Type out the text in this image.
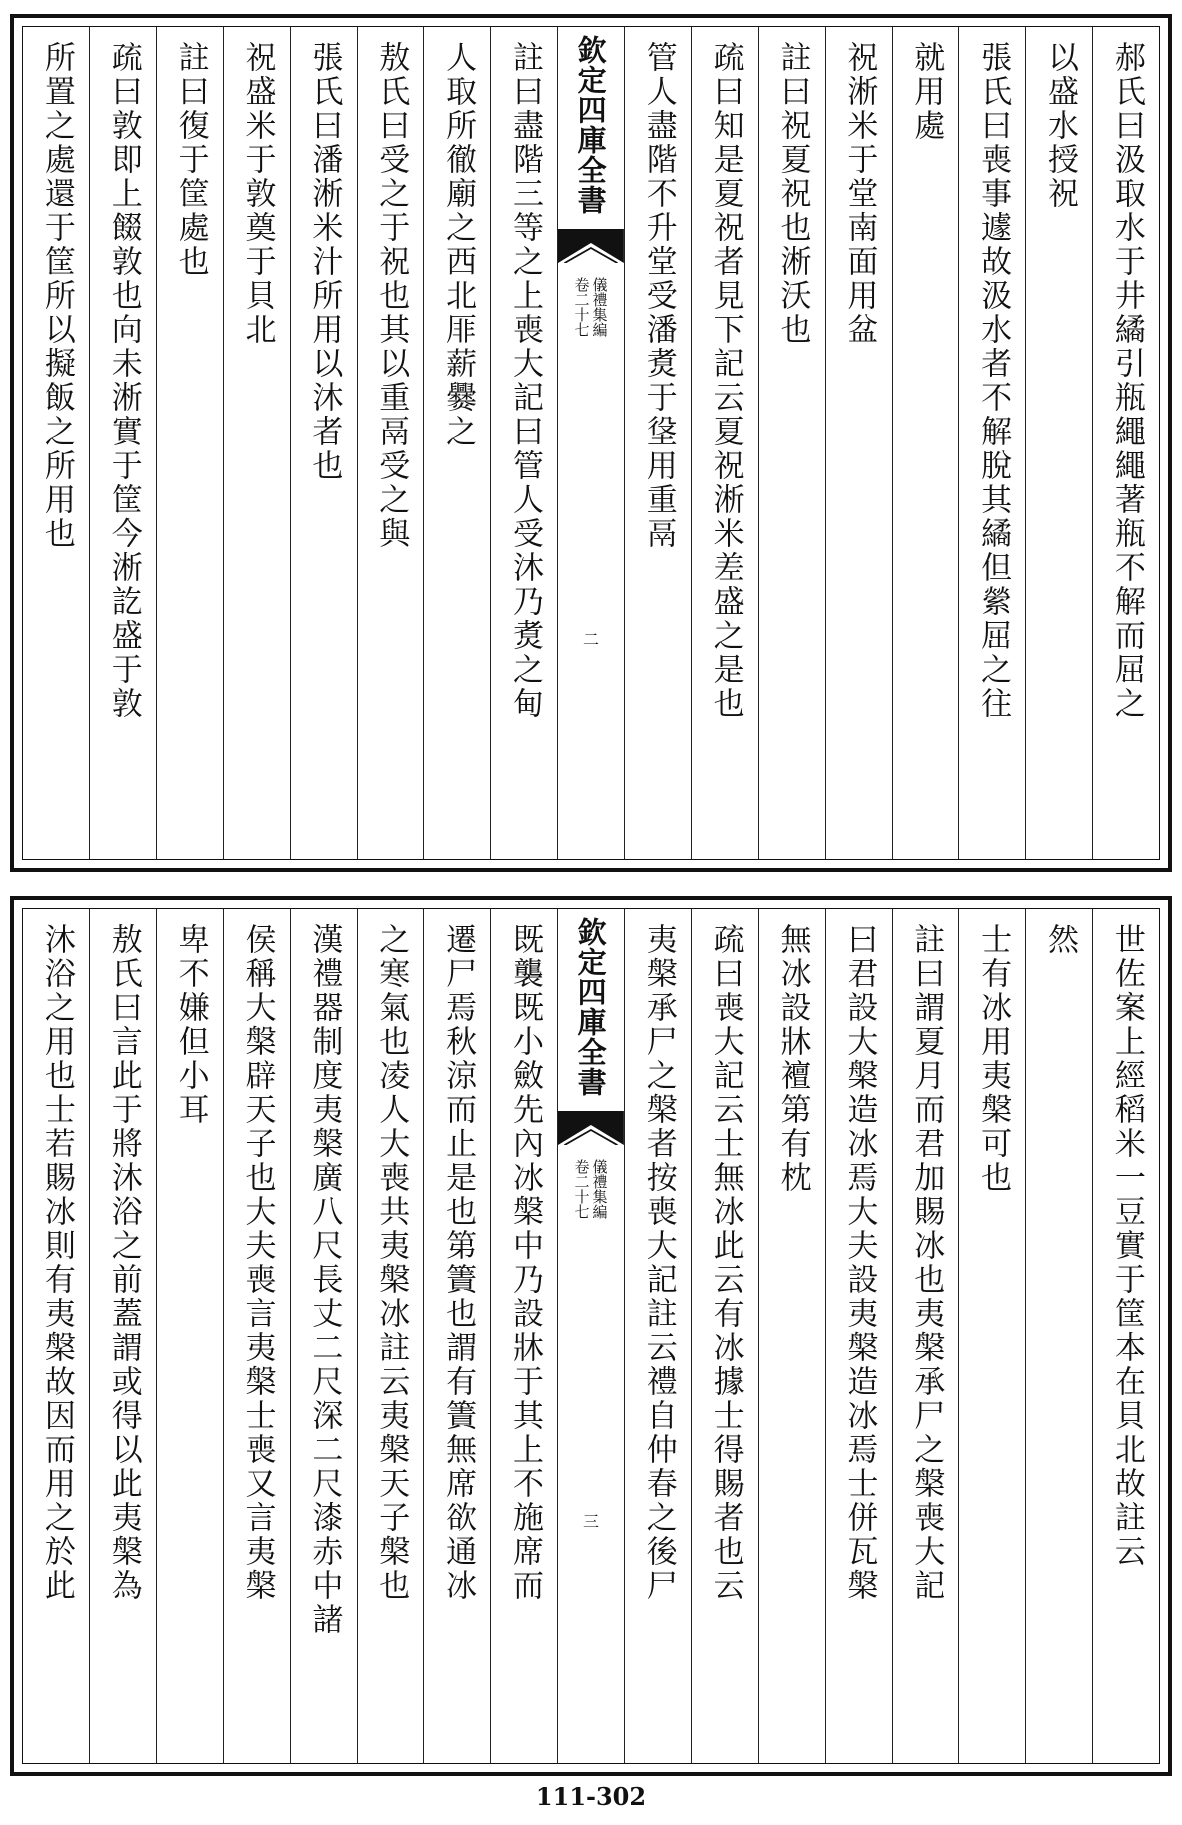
郝氏曰汲取水于井繘引瓶繩繩著瓶不解而屈之
以盛水授祝
張氏曰喪事遽故汲水者不解脫其繘但縈屈之往
就用處
祝淅米于堂南面用盆
註曰祝夏祝也淅沃也
疏曰知是夏祝者見下記云夏祝淅米差盛之是也
管人盡階不升堂受潘煑于垼用重鬲
欽定四庫全書
儀禮集編
卷二十七
二
註曰盡階三等之上喪大記曰管人受沐乃煑之甸
人取所徹廟之西北厞薪爨之
敖氏曰受之于祝也其以重鬲受之與
張氏曰潘淅米汁所用以沐者也
祝盛米于敦奠于貝北
註曰復于筐處也
疏曰敦即上餟敦也向未淅實于筐今淅訖盛于敦
所置之處還于筐所以擬飯之所用也
世佐案上經稻米一豆實于筐本在貝北故註云
然
士有冰用夷槃可也
註曰謂夏月而君加賜冰也夷槃承尸之槃喪大記
曰君設大槃造冰焉大夫設夷槃造冰焉士併瓦槃
無冰設牀襢第有枕
疏曰喪大記云士無冰此云有冰據士得賜者也云
夷槃承尸之槃者按喪大記註云禮自仲春之後尸
欽定四庫全書
儀禮集編
卷二十七
三
既襲既小斂先內冰槃中乃設牀于其上不施席而
遷尸焉秋涼而止是也第簀也謂有簀無席欲通冰
之寒氣也凌人大喪共夷槃冰註云夷槃天子槃也
漢禮器制度夷槃廣八尺長丈二尺深二尺漆赤中諸
侯稱大槃辟天子也大夫喪言夷槃士喪又言夷槃
卑不嫌但小耳
敖氏曰言此于將沐浴之前蓋謂或得以此夷槃為
沐浴之用也士若賜冰則有夷槃故因而用之於此
111-302
